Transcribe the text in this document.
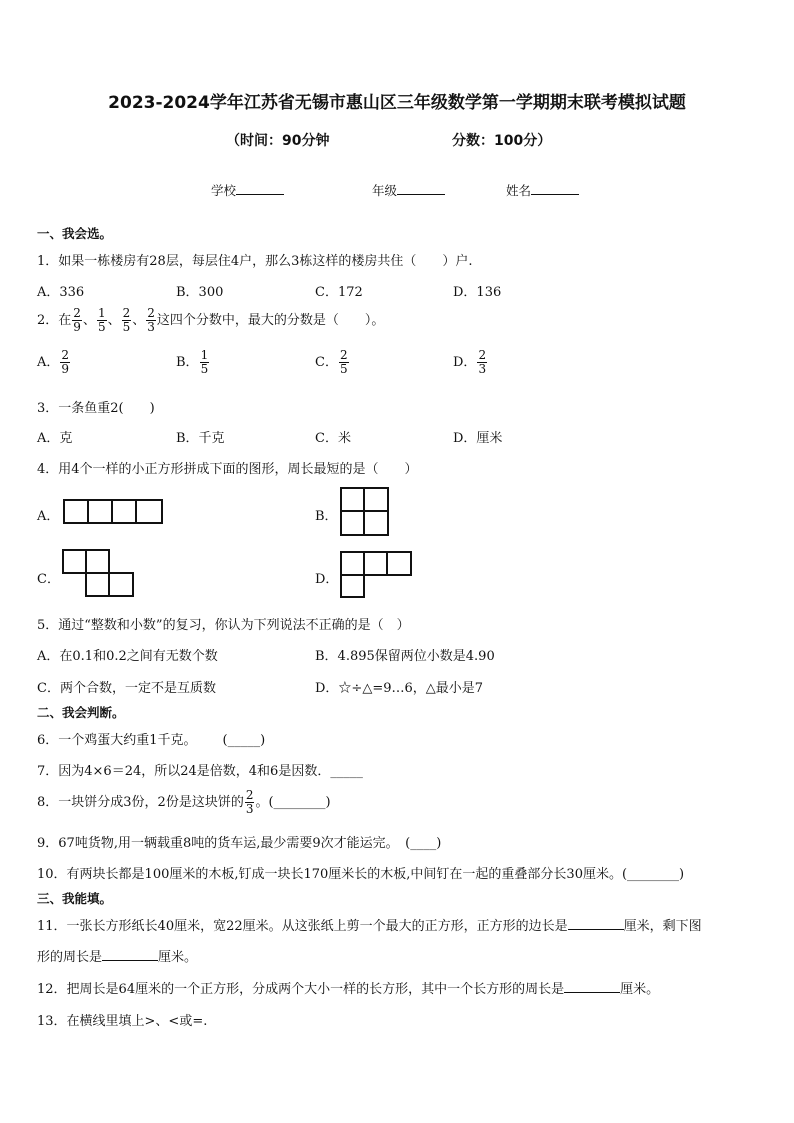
2023-2024学年江苏省无锡市惠山区三年级数学第一学期期末联考模拟试题
（时间：90分钟	分数：100分）
学校	年级	姓名
一、我会选。
1．如果一栋楼房有28层，每层住4户，那么3栋这样的楼房共住（　　）户.
A．336	B．300	C．172	D．136
2．在 $\frac{2}{9}$ 、 $\frac{1}{5}$ 、 $\frac{2}{5}$ 、 $\frac{2}{3}$ 这四个分数中，最大的分数是（　　）。
A． $\frac{2}{9}$	B． $\frac{1}{5}$	C． $\frac{2}{5}$	D． $\frac{2}{3}$
3．一条鱼重2(　　)
A．克	B．千克	C．米	D．厘米
4．用4个一样的小正方形拼成下面的图形，周长最短的是（　　）
A．	B．
C．	D．
5．通过“整数和小数”的复习，你认为下列说法不正确的是（　）
A．在0.1和0.2之间有无数个数	B．4.895保留两位小数是4.90
C．两个合数，一定不是互质数	D．☆÷△=9…6，△最小是7
二、我会判断。
6．一个鸡蛋大约重1千克。 (_____)
7．因为4×6＝24，所以24是倍数，4和6是因数．_____
8．一块饼分成3份，2份是这块饼的 $\frac{2}{3}$ 。(________)
9．67吨货物,用一辆载重8吨的货车运,最少需要9次才能运完。　(____)
10．有两块长都是100厘米的木板,钉成一块长170厘米长的木板,中间钉在一起的重叠部分长30厘米。(________)
三、我能填。
11．一张长方形纸长40厘米，宽22厘米。从这张纸上剪一个最大的正方形，正方形的边长是	厘米，剩下图
形的周长是	厘米。
12．把周长是64厘米的一个正方形，分成两个大小一样的长方形，其中一个长方形的周长是	厘米。
13．在横线里填上>、<或=.
